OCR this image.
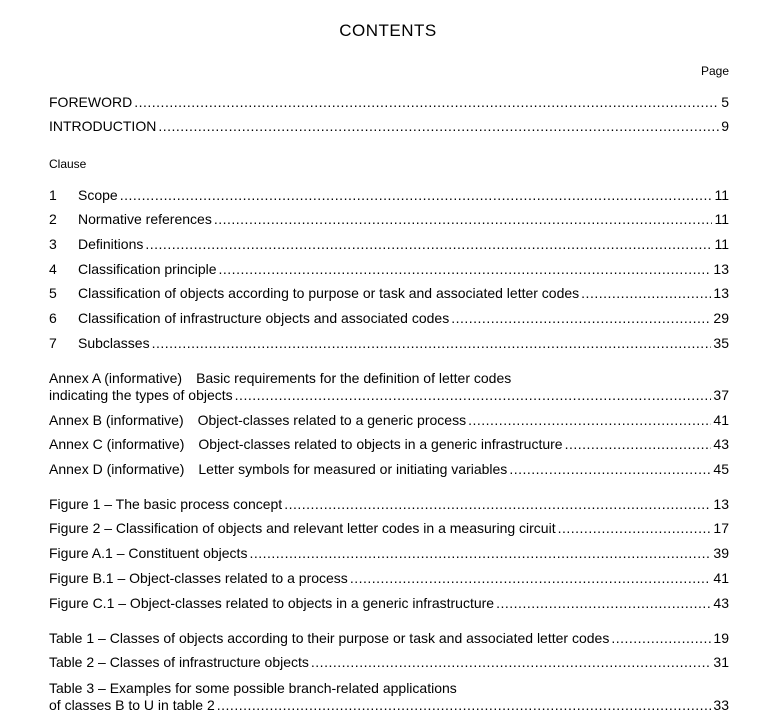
CONTENTS
Page
FOREWORD .....	5
INTRODUCTION .....	9
Clause
1	Scope .....	11
2	Normative references .....	11
3	Definitions .....	11
4	Classification principle .....	13
5	Classification of objects according to purpose or task and associated letter codes .....	13
6	Classification of infrastructure objects and associated codes .....	29
7	Subclasses .....	35
Annex A (informative) Basic requirements for the definition of letter codes
indicating the types of objects .....	37
Annex B (informative)	Object-classes related to a generic process .....	41
Annex C (informative)	Object-classes related to objects in a generic infrastructure .....	43
Annex D (informative)	Letter symbols for measured or initiating variables .....	45
Figure 1 – The basic process concept .....	13
Figure 2 – Classification of objects and relevant letter codes in a measuring circuit .....	17
Figure A.1 – Constituent objects .....	39
Figure B.1 – Object-classes related to a process .....	41
Figure C.1 – Object-classes related to objects in a generic infrastructure .....	43
Table 1 – Classes of objects according to their purpose or task and associated letter codes .....	19
Table 2 – Classes of infrastructure objects .....	31
Table 3 – Examples for some possible branch-related applications
of classes B to U in table 2 .....	33
